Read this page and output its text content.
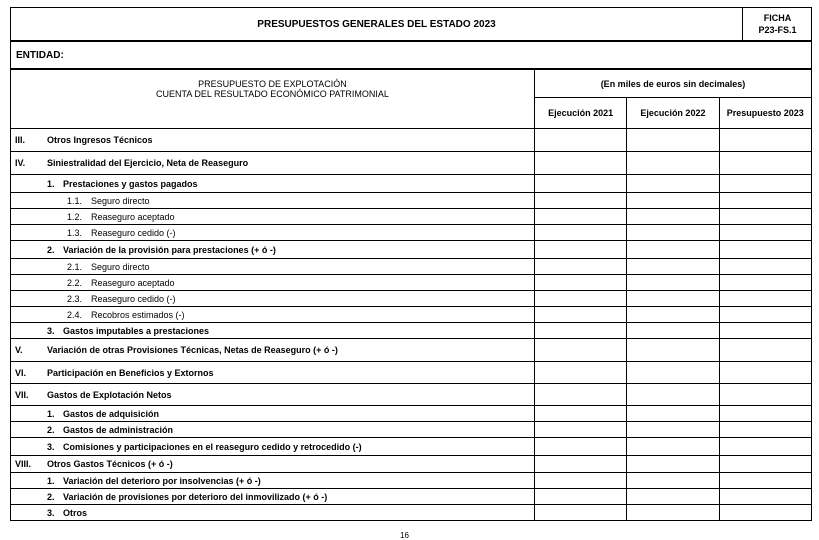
PRESUPUESTOS GENERALES DEL ESTADO 2023
FICHA
P23-FS.1
ENTIDAD:
PRESUPUESTO DE EXPLOTACIÓN
CUENTA DEL RESULTADO ECONÓMICO PATRIMONIAL	(En miles de euros sin decimales)		
	Ejecución 2021	Ejecución 2022	Presupuesto 2023

III. Otros Ingresos Técnicos			

IV. Siniestralidad del Ejercicio, Neta de Reaseguro			

1. Prestaciones y gastos pagados			

1.1. Seguro directo			

1.2. Reaseguro aceptado			

1.3. Reaseguro cedido (-)			

2. Variación de la provisión para prestaciones (+ ó -)			

2.1. Seguro directo			

2.2. Reaseguro aceptado			

2.3. Reaseguro cedido (-)			

2.4. Recobros estimados (-)			

3. Gastos imputables a prestaciones			

V. Variación de otras Provisiones Técnicas, Netas de Reaseguro (+ ó -)			

VI. Participación en Beneficios y Extornos			

VII. Gastos de Explotación Netos			

1. Gastos de adquisición			

2. Gastos de administración			

3. Comisiones y participaciones en el reaseguro cedido y retrocedido (-)			

VIII. Otros Gastos Técnicos (+ ó -)			

1. Variación del deterioro por insolvencias (+ ó -)			

2. Variación de provisiones por deterioro del inmovilizado (+ ó -)			

3. Otros			

16
